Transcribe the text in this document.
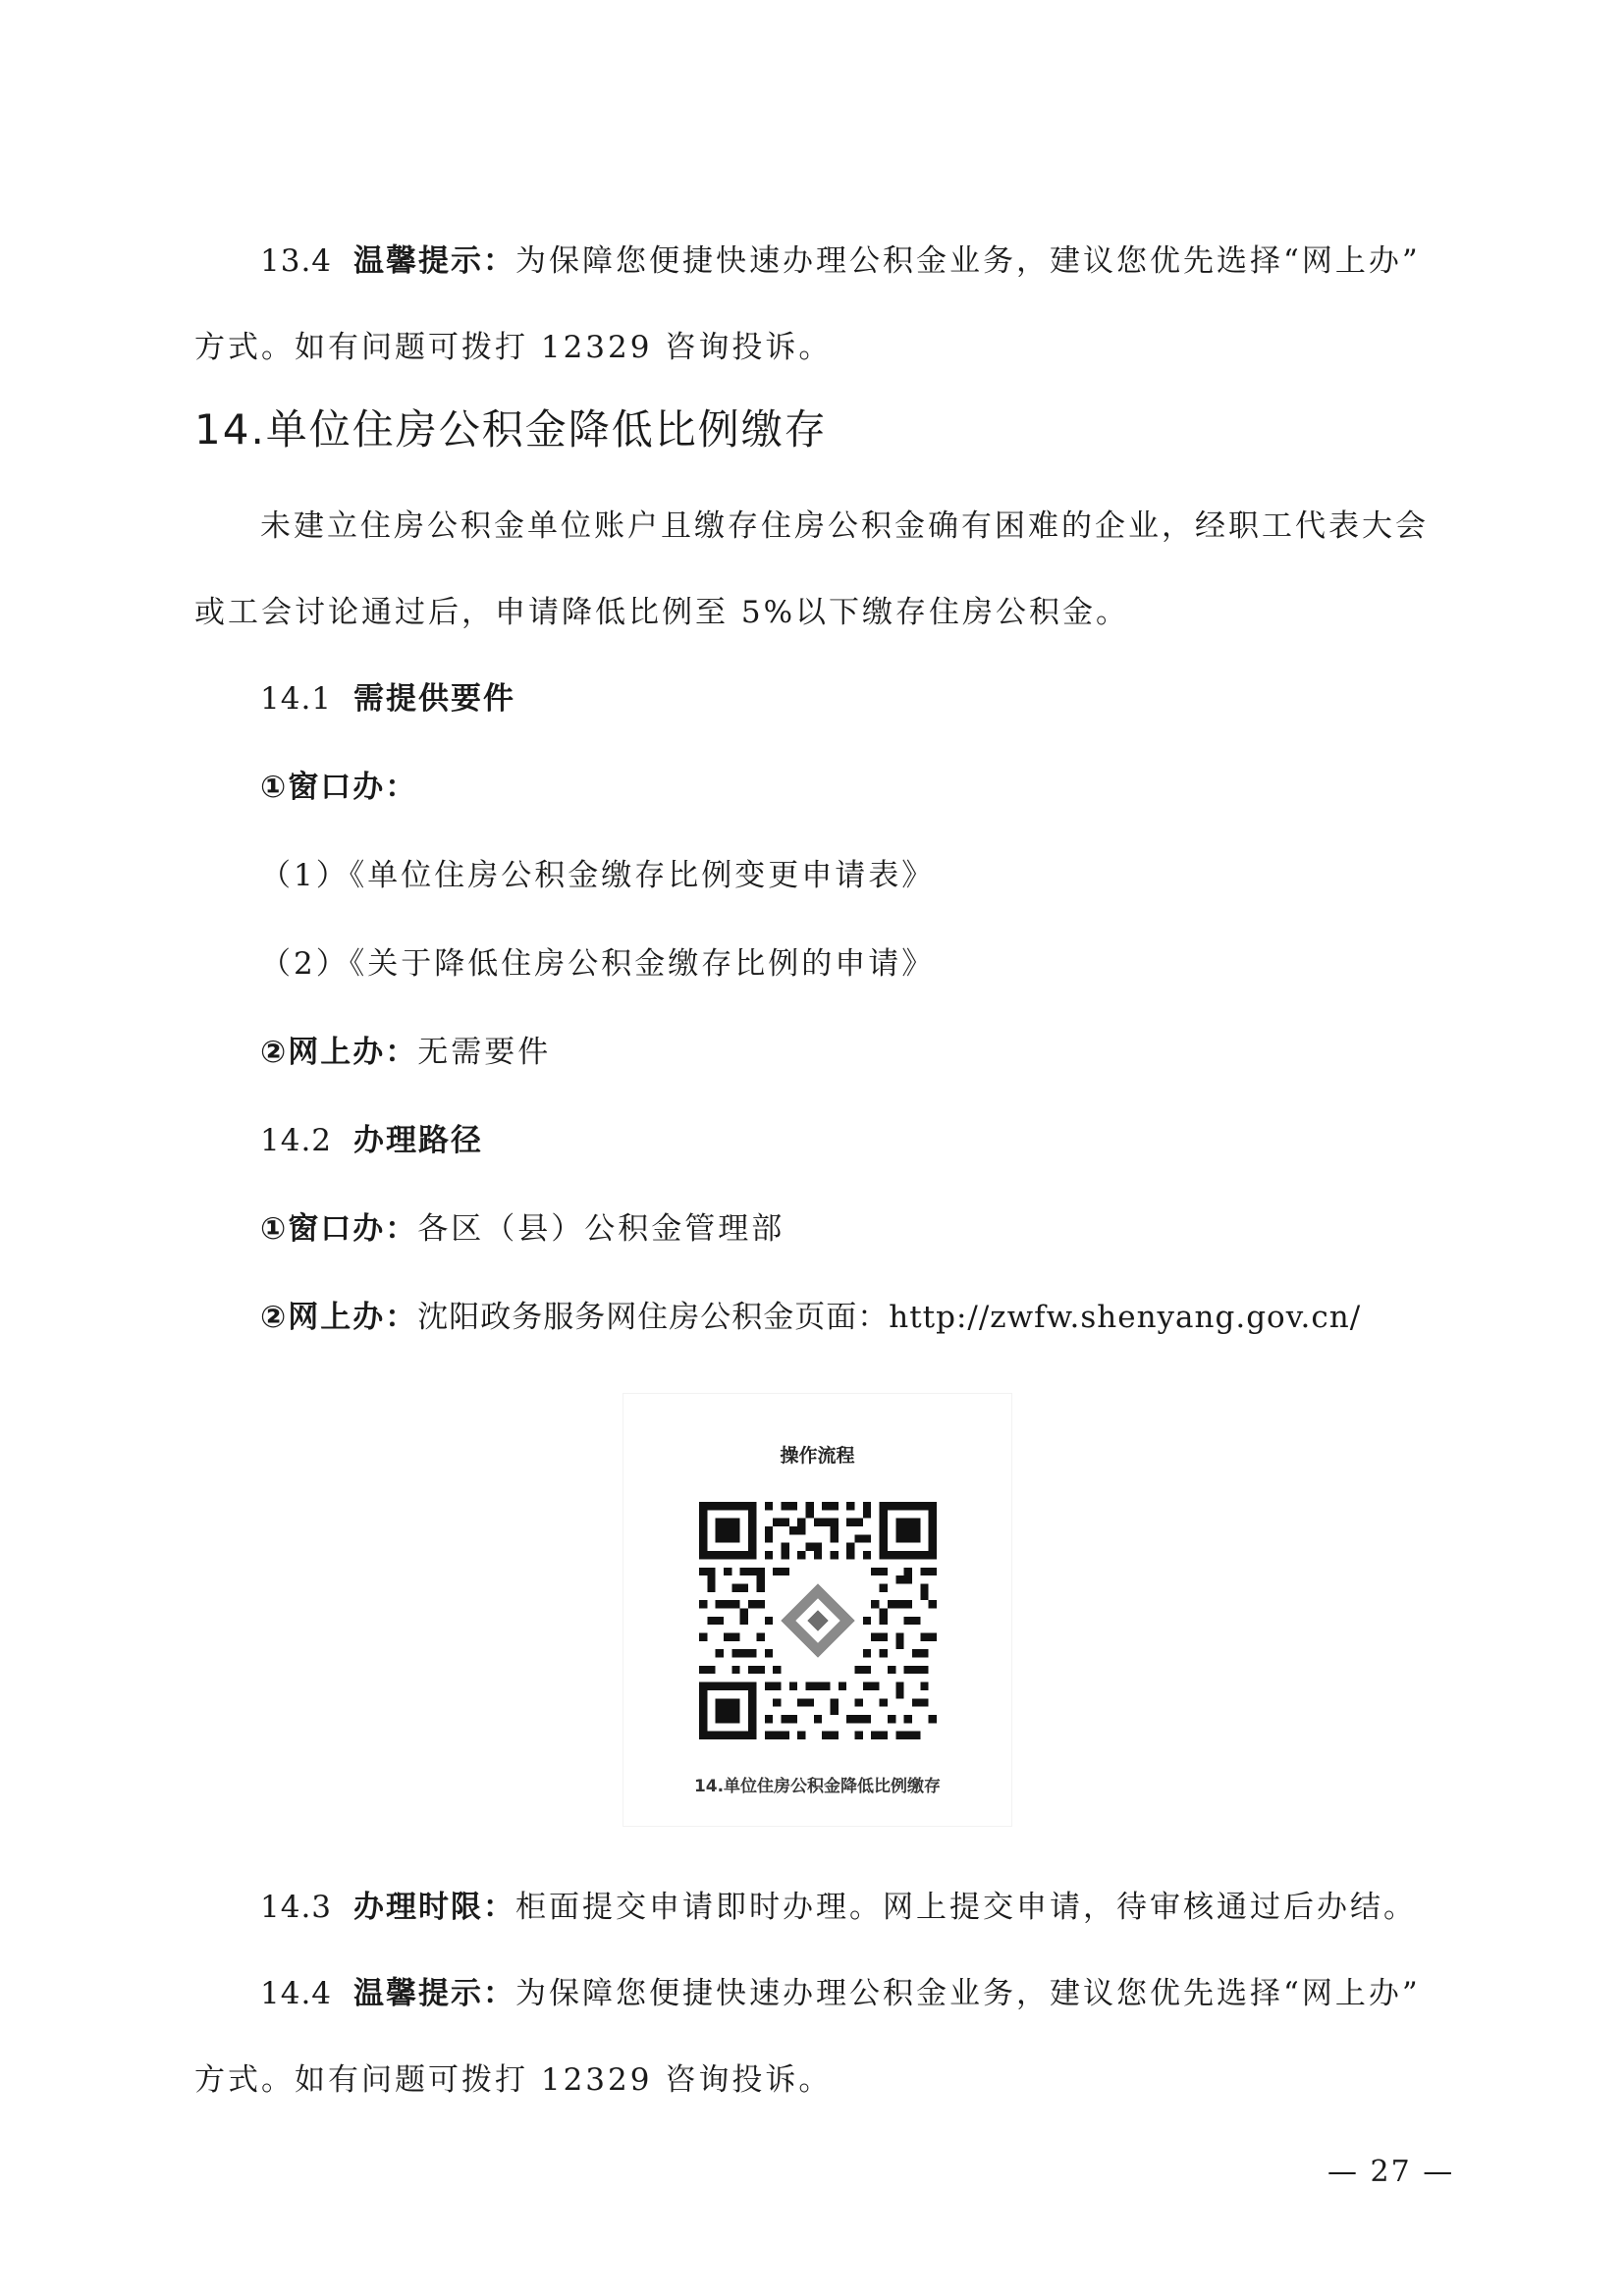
13.4 温馨提示：为保障您便捷快速办理公积金业务，建议您优先选择“网上办”
方式。如有问题可拨打 12329 咨询投诉。
14.单位住房公积金降低比例缴存
未建立住房公积金单位账户且缴存住房公积金确有困难的企业，经职工代表大会
或工会讨论通过后，申请降低比例至 5%以下缴存住房公积金。
14.1 需提供要件
①窗口办：
（1）《单位住房公积金缴存比例变更申请表》
（2）《关于降低住房公积金缴存比例的申请》
②网上办：无需要件
14.2 办理路径
①窗口办：各区（县）公积金管理部
②网上办：沈阳政务服务网住房公积金页面：http://zwfw.shenyang.gov.cn/
操作流程
14.单位住房公积金降低比例缴存
14.3 办理时限：柜面提交申请即时办理。网上提交申请，待审核通过后办结。
14.4 温馨提示：为保障您便捷快速办理公积金业务，建议您优先选择“网上办”
方式。如有问题可拨打 12329 咨询投诉。
— 27 —
